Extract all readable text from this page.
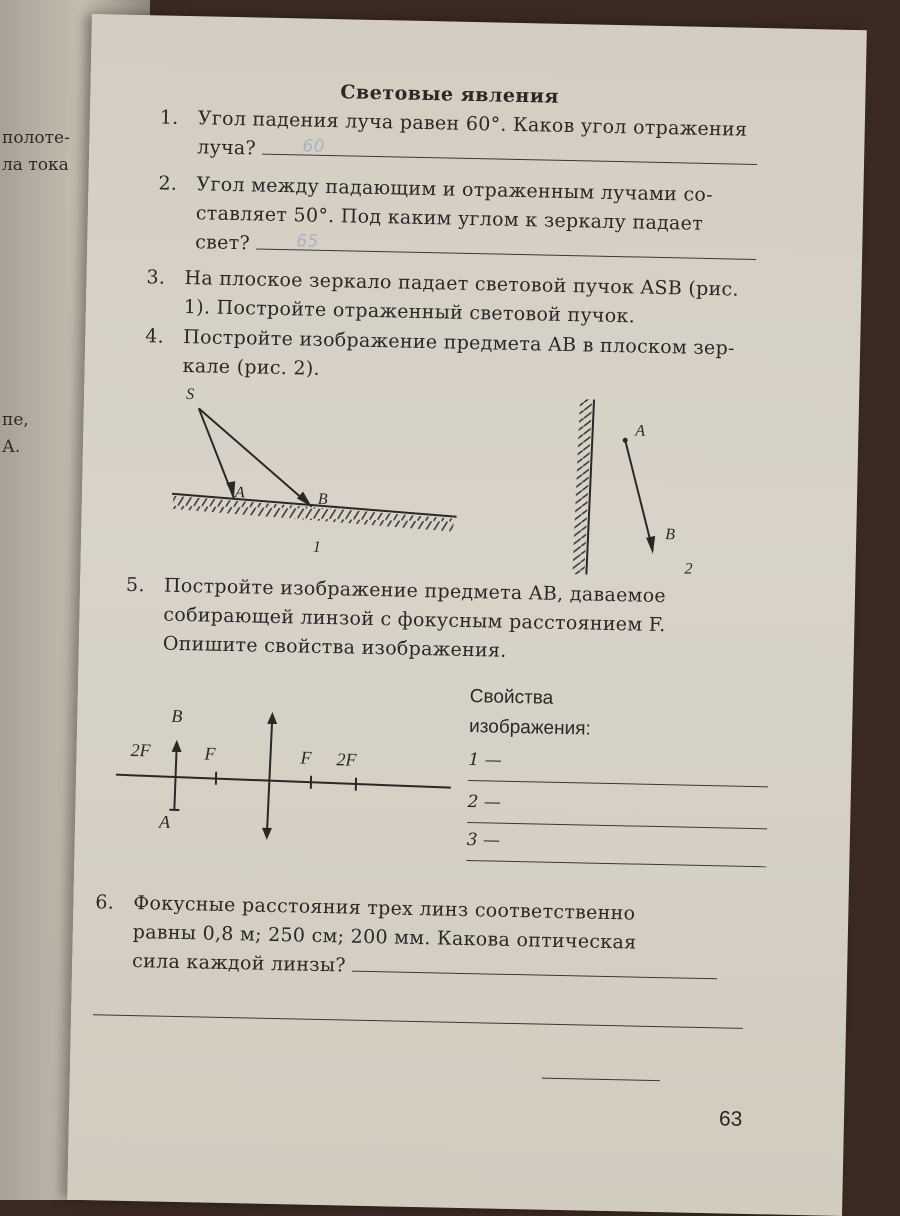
полоте-
ла тока
пе,
А.
Световые явления
1. Угол падения луча равен 60°. Каков угол отражения
луча?	60
2. Угол между падающим и отраженным лучами со-
ставляет 50°. Под каким углом к зеркалу падает
свет?	65
3. На плоское зеркало падает световой пучок ASB (рис.
1). Постройте отраженный световой пучок.
4. Постройте изображение предмета AB в плоском зер-
кале (рис. 2).
S
A	B
1
A
B
2
5. Постройте изображение предмета AB, даваемое
собирающей линзой с фокусным расстоянием F.
Опишите свойства изображения.
B
2F	F	F 2F
A
Свойства
изображения:
1 —
2 —
3 —
6. Фокусные расстояния трех линз соответственно
равны 0,8 м; 250 см; 200 мм. Какова оптическая
сила каждой линзы?
63
